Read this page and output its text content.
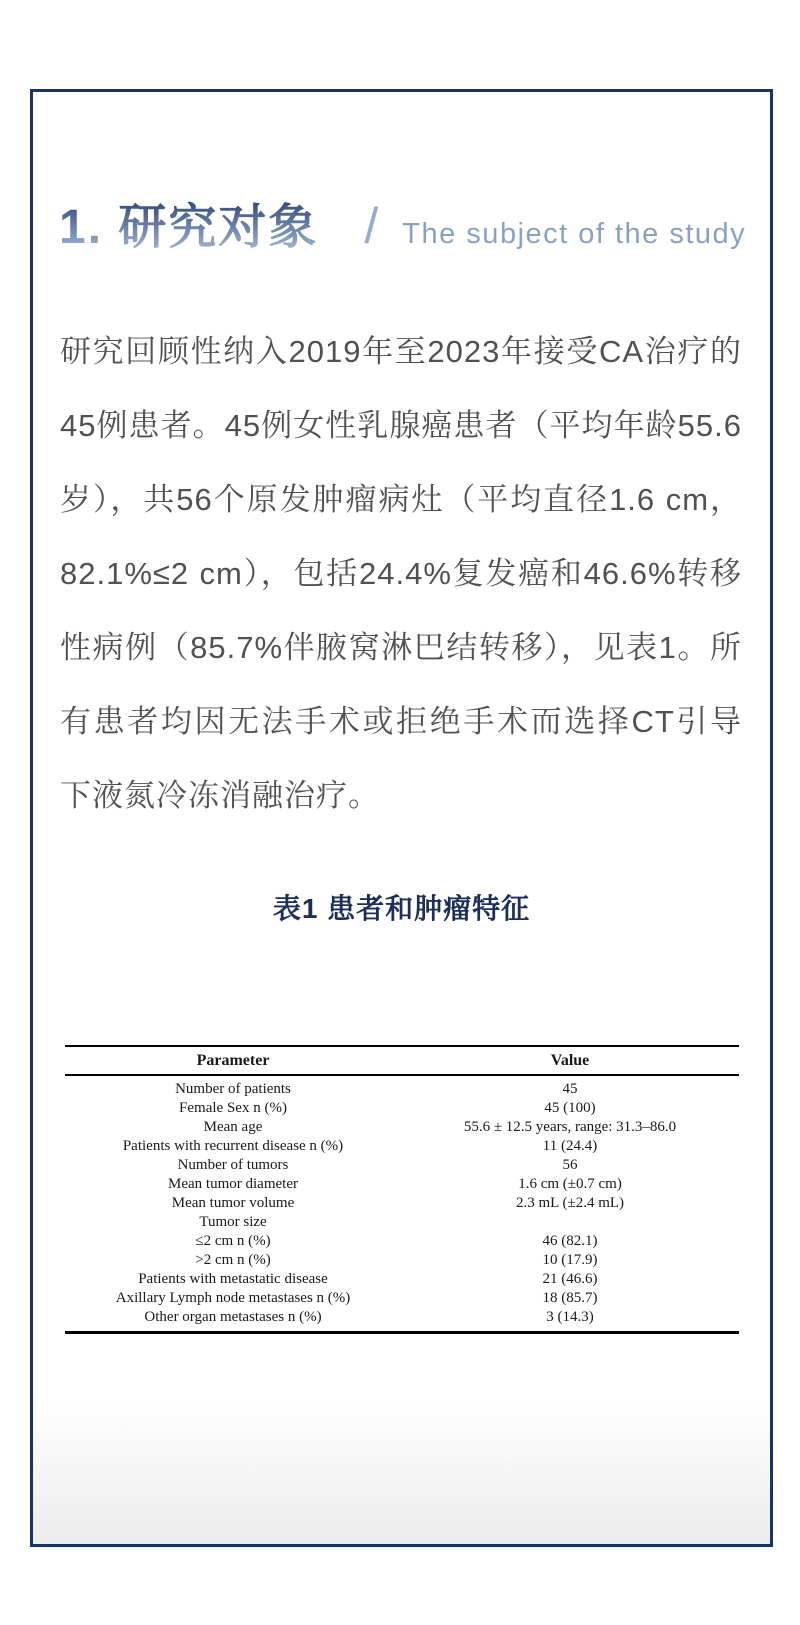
1. 研究对象 / The subject of the study

研究回顾性纳入2019年至2023年接受CA治疗的45例患者。45例女性乳腺癌患者（平均年龄55.6岁），共56个原发肿瘤病灶（平均直径1.6 cm，82.1%≤2 cm），包括24.4%复发癌和46.6%转移性病例（85.7%伴腋窝淋巴结转移），见表1。所有患者均因无法手术或拒绝手术而选择CT引导下液氮冷冻消融治疗。

表1 患者和肿瘤特征
Parameter	Value
Number of patients	45
Female Sex n (%)	45 (100)
Mean age	55.6 ± 12.5 years, range: 31.3–86.0
Patients with recurrent disease n (%)	11 (24.4)
Number of tumors	56
Mean tumor diameter	1.6 cm (±0.7 cm)
Mean tumor volume	2.3 mL (±2.4 mL)
Tumor size	
≤2 cm n (%)	46 (82.1)
>2 cm n (%)	10 (17.9)
Patients with metastatic disease	21 (46.6)
Axillary Lymph node metastases n (%)	18 (85.7)
Other organ metastases n (%)	3 (14.3)
